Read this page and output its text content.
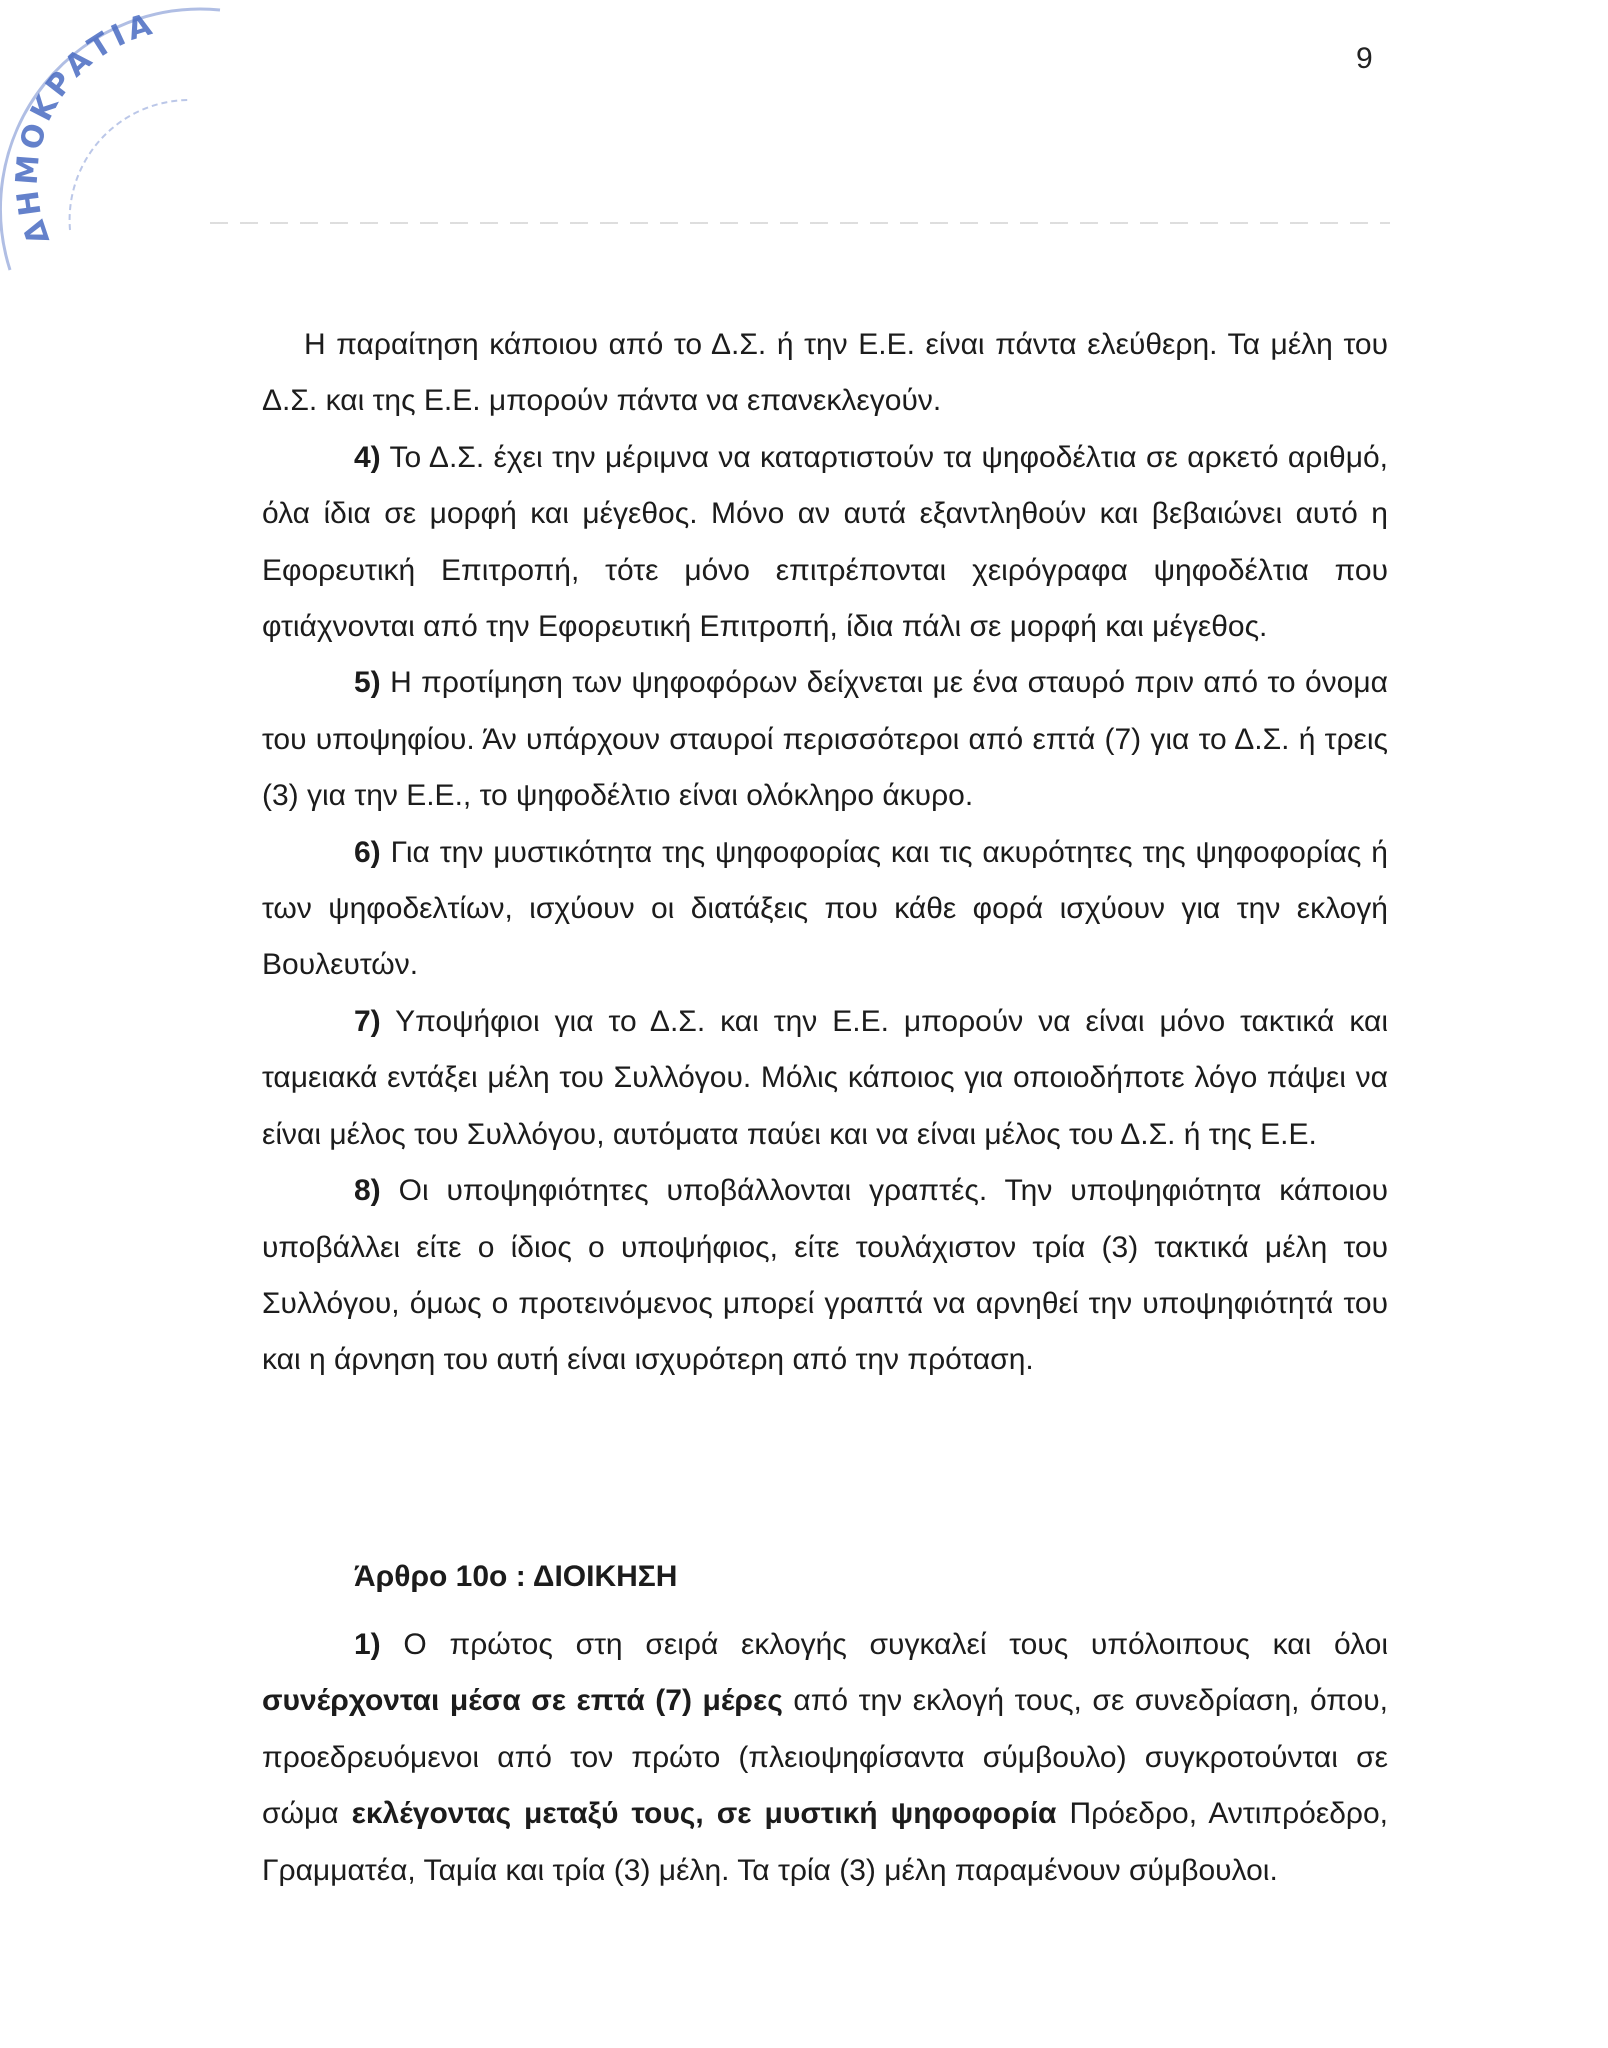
ΔΗΜΟΚΡΑΤΙΑ
9

Η παραίτηση κάποιου από το Δ.Σ. ή την Ε.Ε. είναι πάντα ελεύθερη. Τα μέλη του Δ.Σ. και της Ε.Ε. μπορούν πάντα να επανεκλεγούν.

4) Το Δ.Σ. έχει την μέριμνα να καταρτιστούν τα ψηφοδέλτια σε αρκετό αριθμό, όλα ίδια σε μορφή και μέγεθος. Μόνο αν αυτά εξαντληθούν και βεβαιώνει αυτό η Εφορευτική Επιτροπή, τότε μόνο επιτρέπονται χειρόγραφα ψηφοδέλτια που φτιάχνονται από την Εφορευτική Επιτροπή, ίδια πάλι σε μορφή και μέγεθος.

5) Η προτίμηση των ψηφοφόρων δείχνεται με ένα σταυρό πριν από το όνομα του υποψηφίου. Άν υπάρχουν σταυροί περισσότεροι από επτά (7) για το Δ.Σ. ή τρεις (3) για την Ε.Ε., το ψηφοδέλτιο είναι ολόκληρο άκυρο.

6) Για την μυστικότητα της ψηφοφορίας και τις ακυρότητες της ψηφοφορίας ή των ψηφοδελτίων, ισχύουν οι διατάξεις που κάθε φορά ισχύουν για την εκλογή Βουλευτών.

7) Υποψήφιοι για το Δ.Σ. και την Ε.Ε. μπορούν να είναι μόνο τακτικά και ταμειακά εντάξει μέλη του Συλλόγου. Μόλις κάποιος για οποιοδήποτε λόγο πάψει να είναι μέλος του Συλλόγου, αυτόματα παύει και να είναι μέλος του Δ.Σ. ή της Ε.Ε.

8) Οι υποψηφιότητες υποβάλλονται γραπτές. Την υποψηφιότητα κάποιου υποβάλλει είτε ο ίδιος ο υποψήφιος, είτε τουλάχιστον τρία (3) τακτικά μέλη του Συλλόγου, όμως ο προτεινόμενος μπορεί γραπτά να αρνηθεί την υποψηφιότητά του και η άρνηση του αυτή είναι ισχυρότερη από την πρόταση.

Άρθρο 10ο : ΔΙΟΙΚΗΣΗ

1) Ο πρώτος στη σειρά εκλογής συγκαλεί τους υπόλοιπους και όλοι συνέρχονται μέσα σε επτά (7) μέρες από την εκλογή τους, σε συνεδρίαση, όπου, προεδρευόμενοι από τον πρώτο (πλειοψηφίσαντα σύμβουλο) συγκροτούνται σε σώμα εκλέγοντας μεταξύ τους, σε μυστική ψηφοφορία Πρόεδρο, Αντιπρόεδρο, Γραμματέα, Ταμία και τρία (3) μέλη. Τα τρία (3) μέλη παραμένουν σύμβουλοι.
